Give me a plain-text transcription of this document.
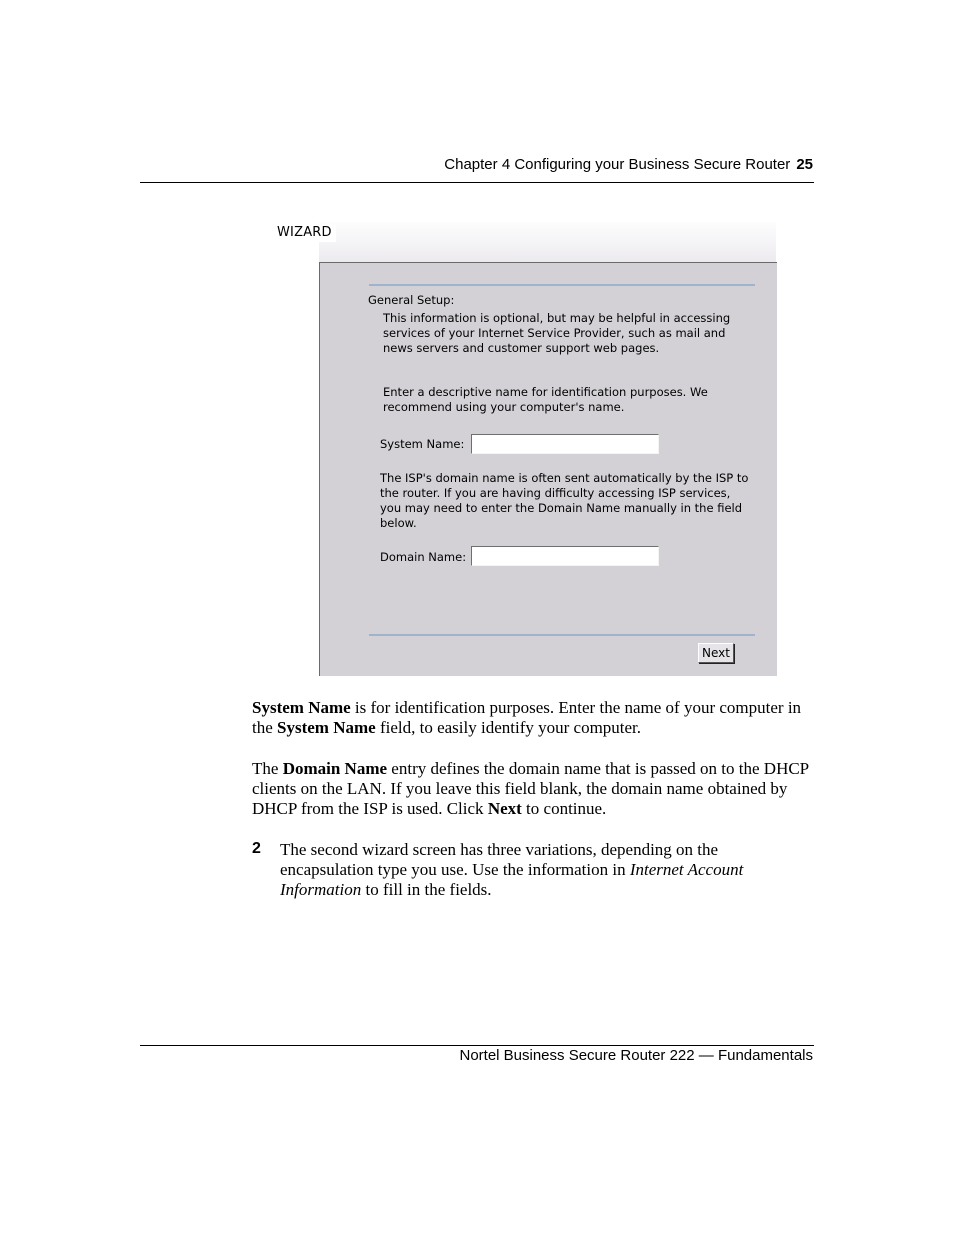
Chapter 4 Configuring your Business Secure Router 25
WIZARD
General Setup:
This information is optional, but may be helpful in accessing services of your Internet Service Provider, such as mail and news servers and customer support web pages.
Enter a descriptive name for identification purposes. We recommend using your computer's name.
System Name:
The ISP's domain name is often sent automatically by the ISP to the router. If you are having difficulty accessing ISP services, you may need to enter the Domain Name manually in the field below.
Domain Name:
Next
System Name is for identification purposes. Enter the name of your computer in the System Name field, to easily identify your computer.
The Domain Name entry defines the domain name that is passed on to the DHCP clients on the LAN. If you leave this field blank, the domain name obtained by DHCP from the ISP is used. Click Next to continue.
2 The second wizard screen has three variations, depending on the encapsulation type you use. Use the information in Internet Account Information to fill in the fields.
Nortel Business Secure Router 222 — Fundamentals
